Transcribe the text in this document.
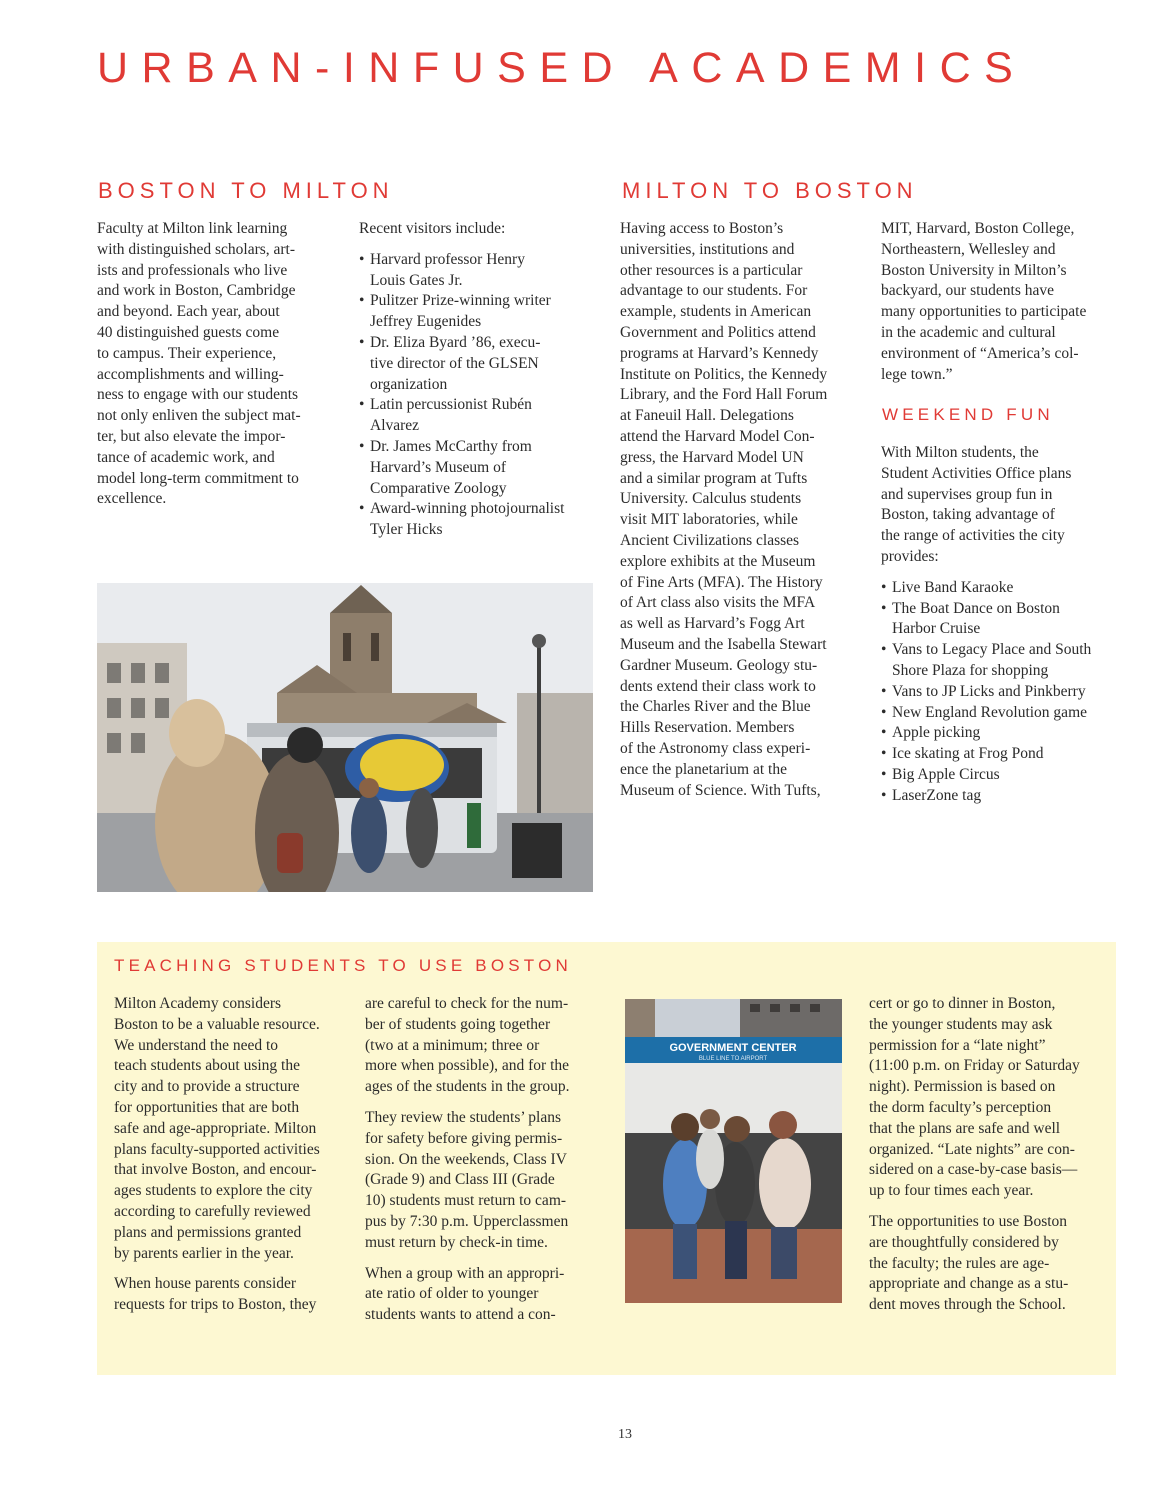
URBAN-INFUSED ACADEMICS
BOSTON TO MILTON
Faculty at Milton link learning
with distinguished scholars, art-
ists and professionals who live
and work in Boston, Cambridge
and beyond. Each year, about
40 distinguished guests come
to campus. Their experience,
accomplishments and willing-
ness to engage with our students
not only enliven the subject mat-
ter, but also elevate the impor-
tance of academic work, and
model long-term commitment to
excellence.

Recent visitors include:

• Harvard professor Henry
Louis Gates Jr.
• Pulitzer Prize-winning writer
Jeffrey Eugenides
• Dr. Eliza Byard ’86, execu-
tive director of the GLSEN
organization
• Latin percussionist Rubén
Alvarez
• Dr. James McCarthy from
Harvard’s Museum of
Comparative Zoology
• Award-winning photojournalist
Tyler Hicks
MILTON TO BOSTON
Having access to Boston’s
universities, institutions and
other resources is a particular
advantage to our students. For
example, students in American
Government and Politics attend
programs at Harvard’s Kennedy
Institute on Politics, the Kennedy
Library, and the Ford Hall Forum
at Faneuil Hall. Delegations
attend the Harvard Model Con-
gress, the Harvard Model UN
and a similar program at Tufts
University. Calculus students
visit MIT laboratories, while
Ancient Civilizations classes
explore exhibits at the Museum
of Fine Arts (MFA). The History
of Art class also visits the MFA
as well as Harvard’s Fogg Art
Museum and the Isabella Stewart
Gardner Museum. Geology stu-
dents extend their class work to
the Charles River and the Blue
Hills Reservation. Members
of the Astronomy class experi-
ence the planetarium at the
Museum of Science. With Tufts,
MIT, Harvard, Boston College,
Northeastern, Wellesley and
Boston University in Milton’s
backyard, our students have
many opportunities to participate
in the academic and cultural
environment of “America’s col-
lege town.”
WEEKEND FUN

With Milton students, the
Student Activities Office plans
and supervises group fun in
Boston, taking advantage of
the range of activities the city
provides:

• Live Band Karaoke
• The Boat Dance on Boston
Harbor Cruise
• Vans to Legacy Place and South
Shore Plaza for shopping
• Vans to JP Licks and Pinkberry
• New England Revolution game
• Apple picking
• Ice skating at Frog Pond
• Big Apple Circus
• LaserZone tag
TEACHING STUDENTS TO USE BOSTON

Milton Academy considers
Boston to be a valuable resource.
We understand the need to
teach students about using the
city and to provide a structure
for opportunities that are both
safe and age-appropriate. Milton
plans faculty-supported activities
that involve Boston, and encour-
ages students to explore the city
according to carefully reviewed
plans and permissions granted
by parents earlier in the year.

When house parents consider
requests for trips to Boston, they

are careful to check for the num-
ber of students going together
(two at a minimum; three or
more when possible), and for the
ages of the students in the group.

They review the students’ plans
for safety before giving permis-
sion. On the weekends, Class IV
(Grade 9) and Class III (Grade
10) students must return to cam-
pus by 7:30 p.m. Upperclassmen
must return by check-in time.

When a group with an appropri-
ate ratio of older to younger
students wants to attend a con-

GOVERNMENT CENTER
BLUE LINE TO AIRPORT

cert or go to dinner in Boston,
the younger students may ask
permission for a “late night”
(11:00 p.m. on Friday or Saturday
night). Permission is based on
the dorm faculty’s perception
that the plans are safe and well
organized. “Late nights” are con-
sidered on a case-by-case basis—
up to four times each year.

The opportunities to use Boston
are thoughtfully considered by
the faculty; the rules are age-
appropriate and change as a stu-
dent moves through the School.

13
